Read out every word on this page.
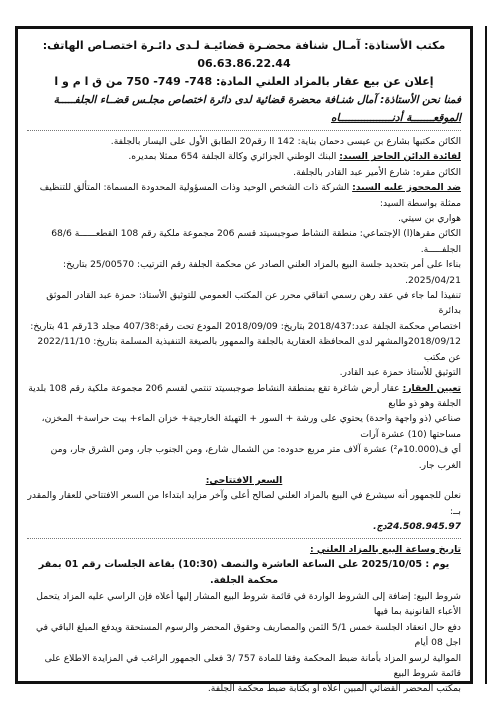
مكتب الأستاذة: آمـال شنافة محضـرة قضائيـة لـدى دائـرة اختصـاص الهاتف: 06.63.86.22.44

إعلان عن بيع عقار بالمزاد العلني المادة: 748- 749- 750 من ق ا م و ا

فمنا نحن الأستاذة: آمال شنـافة محضرة قضائية لدى دائرة اختصاص مجلـس قضــاء الجلفـــــة

الموقعـــــــة أدنـــــــــــــــــاه

الكائن مكتبها بشارع بن عيسى دحمان بناية: 142 ll رقم20 الطابق الأول على اليسار بالجلفة.

لفائدة الدائن الحاجز السيد: البنك الوطني الجزائري وكالة الجلفة 654 ممثلا بمديره.

الكائن مقره: شارع الأمير عبد القادر بالجلفة.

ضد المحجوز عليه السيد: الشركة ذات الشخص الوحيد وذات المسؤولية المحدودة المسماة: المتألق للتنظيف ممثلة بواسطة السيد:

هواري بن سيتي.

الكائن مقرها(ا) الإجتماعي: منطقة النشاط صوجبسيتد قسم 206 مجموعة ملكية رقم 108 القطعــــــة 68/6 الجلفـــــة.

بناءا على أمر بتحديد جلسة البيع بالمزاد العلني الصادر عن محكمة الجلفة رقم الترتيب: 25/00570 بتاريخ: 2025/04/21.

تنفيذا لما جاء في عقد رهن رسمي اتفاقي محرر عن المكتب العمومي للتوثيق الأستاذ: حمزة عبد القادر الموثق بدائرة

اختصاص محكمة الجلفة عدد:2018/437 بتاريخ: 2018/09/09 المودع تحت رقم:407/38 مجلد 13رقم 41 بتاريخ:

2018/09/12والمشهر لدى المحافظة العقارية بالجلفة والممهور بالصيغة التنفيذية المسلمة بتاريخ: 2022/11/10 عن مكتب

التوثيق للأستاذ حمزة عبد القادر.

تعيين العقار: عقار أرض شاغرة تقع بمنطقة النشاط صوجبسيتد تنتمي لقسم 206 مجموعة ملكية رقم 108 بلدية الجلفة وهو ذو طابع

صناعي (ذو واجهة واحدة) يحتوي على ورشة + السور + التهيئة الخارجية+ خزان الماء+ بيت حراسة+ المخزن، مساحتها (10) عشرة آرات

أي ف(10.000م²) عشرة آلاف متر مربع حدوده: من الشمال شارع، ومن الجنوب جار، ومن الشرق جار، ومن الغرب جار.

السعر الافتتاحي:

نعلن للجمهور أنه سيشرع في البيع بالمزاد العلني لصالح أعلى وآخر مزايد ابتداءا من السعر الافتتاحي للعقار والمقدر بــ:

24.508.945.97دج.

تاريخ وساعة البيع بالمزاد العلني :

يوم : 2025/10/05 على الساعة العاشرة والنصف (10:30) بقاعة الجلسات رقم 01 بمقر محكمة الجلفة.

شروط البيع: إضافة إلى الشروط الواردة في قائمة شروط البيع المشار إليها أعلاه فإن الراسي عليه المزاد يتحمل الأعباء القانونية بما فيها

دفع حال انعقاد الجلسة خمس 5/1 الثمن والمصاريف وحقوق المحضر والرسوم المستحقة ويدفع المبلغ الباقي في اجل 08 أيام

الموالية لرسو المزاد بأمانة ضبط المحكمة وفقا للمادة 757 /3 فعلى الجمهور الراغب في المزايدة الاطلاع على قائمة شروط البيع

بمكتب المحضر القضائي المبين أعلاه أو بكتابة ضبط محكمة الجلفة.
